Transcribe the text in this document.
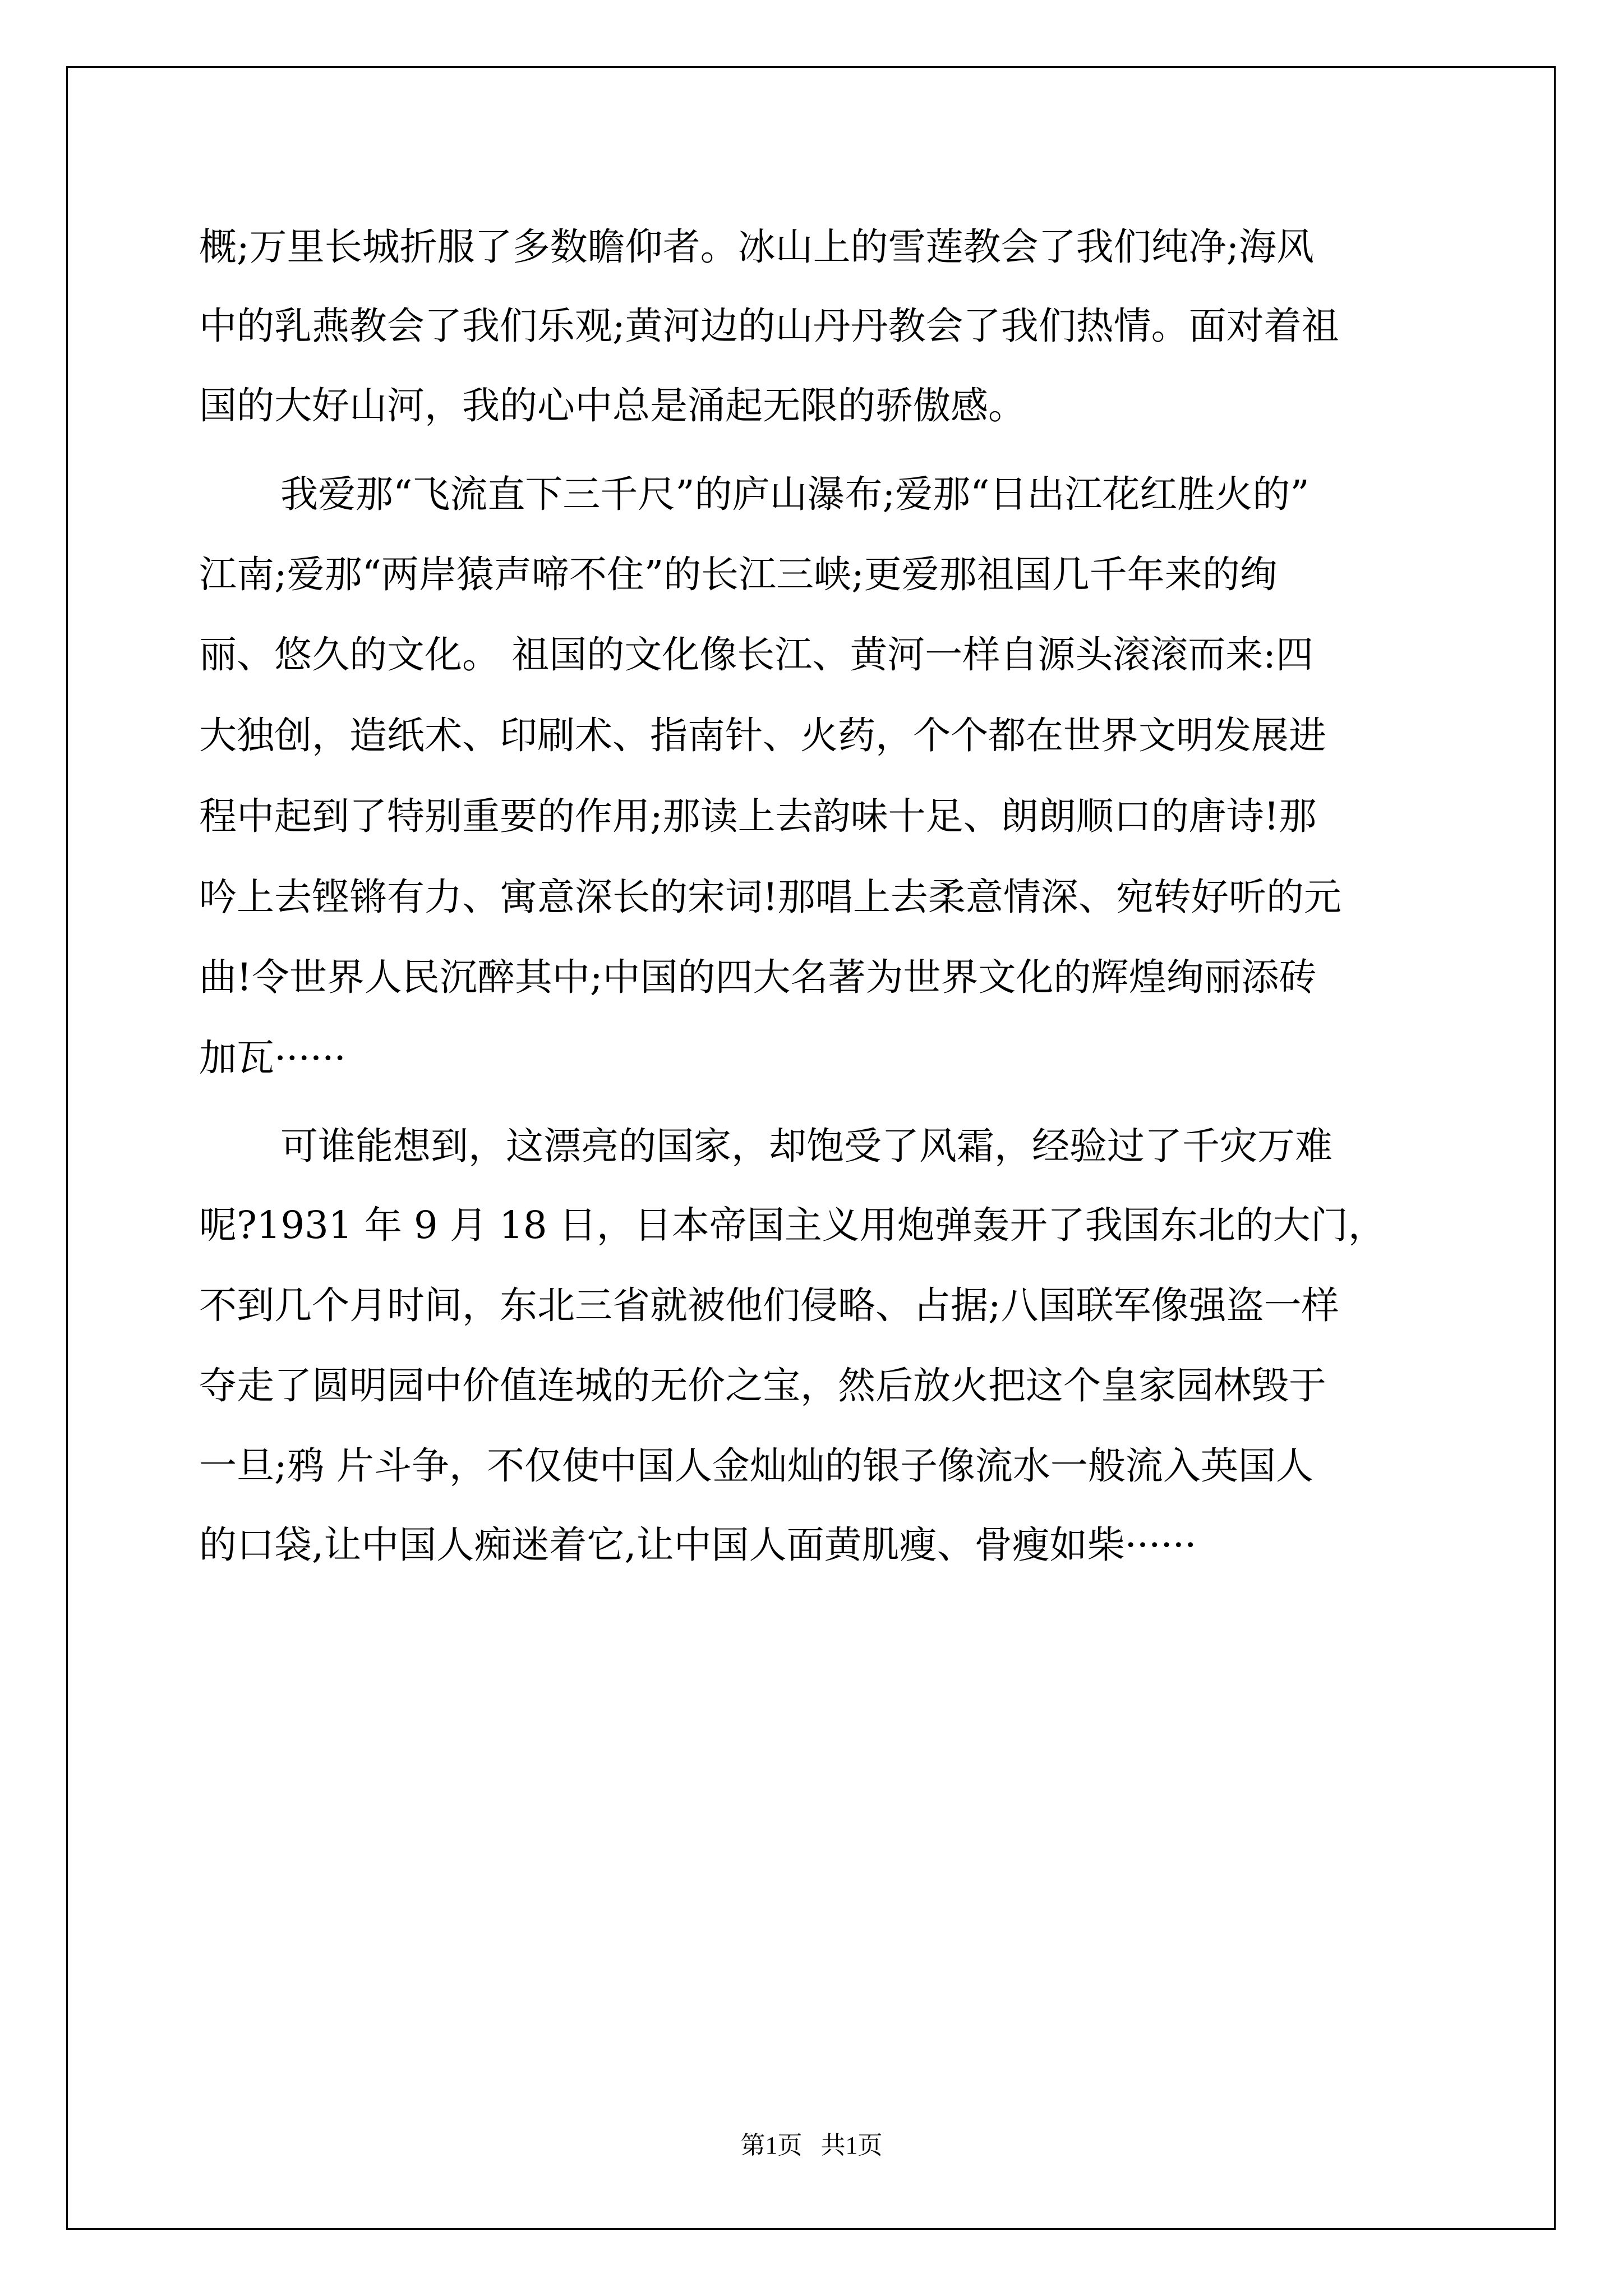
概;万里长城折服了多数瞻仰者。冰山上的雪莲教会了我们纯净;海风

中的乳燕教会了我们乐观;黄河边的山丹丹教会了我们热情。面对着祖

国的大好山河，我的心中总是涌起无限的骄傲感。

我爱那“飞流直下三千尺”的庐山瀑布;爱那“日出江花红胜火的”

江南;爱那“两岸猿声啼不住”的长江三峡;更爱那祖国几千年来的绚

丽、悠久的文化。 祖国的文化像长江、黄河一样自源头滚滚而来:四

大独创，造纸术、印刷术、指南针、火药，个个都在世界文明发展进

程中起到了特别重要的作用;那读上去韵味十足、朗朗顺口的唐诗!那

吟上去铿锵有力、寓意深长的宋词!那唱上去柔意情深、宛转好听的元

曲!令世界人民沉醉其中;中国的四大名著为世界文化的辉煌绚丽添砖

加瓦······

可谁能想到，这漂亮的国家，却饱受了风霜，经验过了千灾万难

呢?1931 年 9 月 18 日，日本帝国主义用炮弹轰开了我国东北的大门，

不到几个月时间，东北三省就被他们侵略、占据;八国联军像强盗一样

夺走了圆明园中价值连城的无价之宝，然后放火把这个皇家园林毁于

一旦;鸦 片斗争，不仅使中国人金灿灿的银子像流水一般流入英国人

的口袋,让中国人痴迷着它,让中国人面黄肌瘦、骨瘦如柴······

第1页   共1页
